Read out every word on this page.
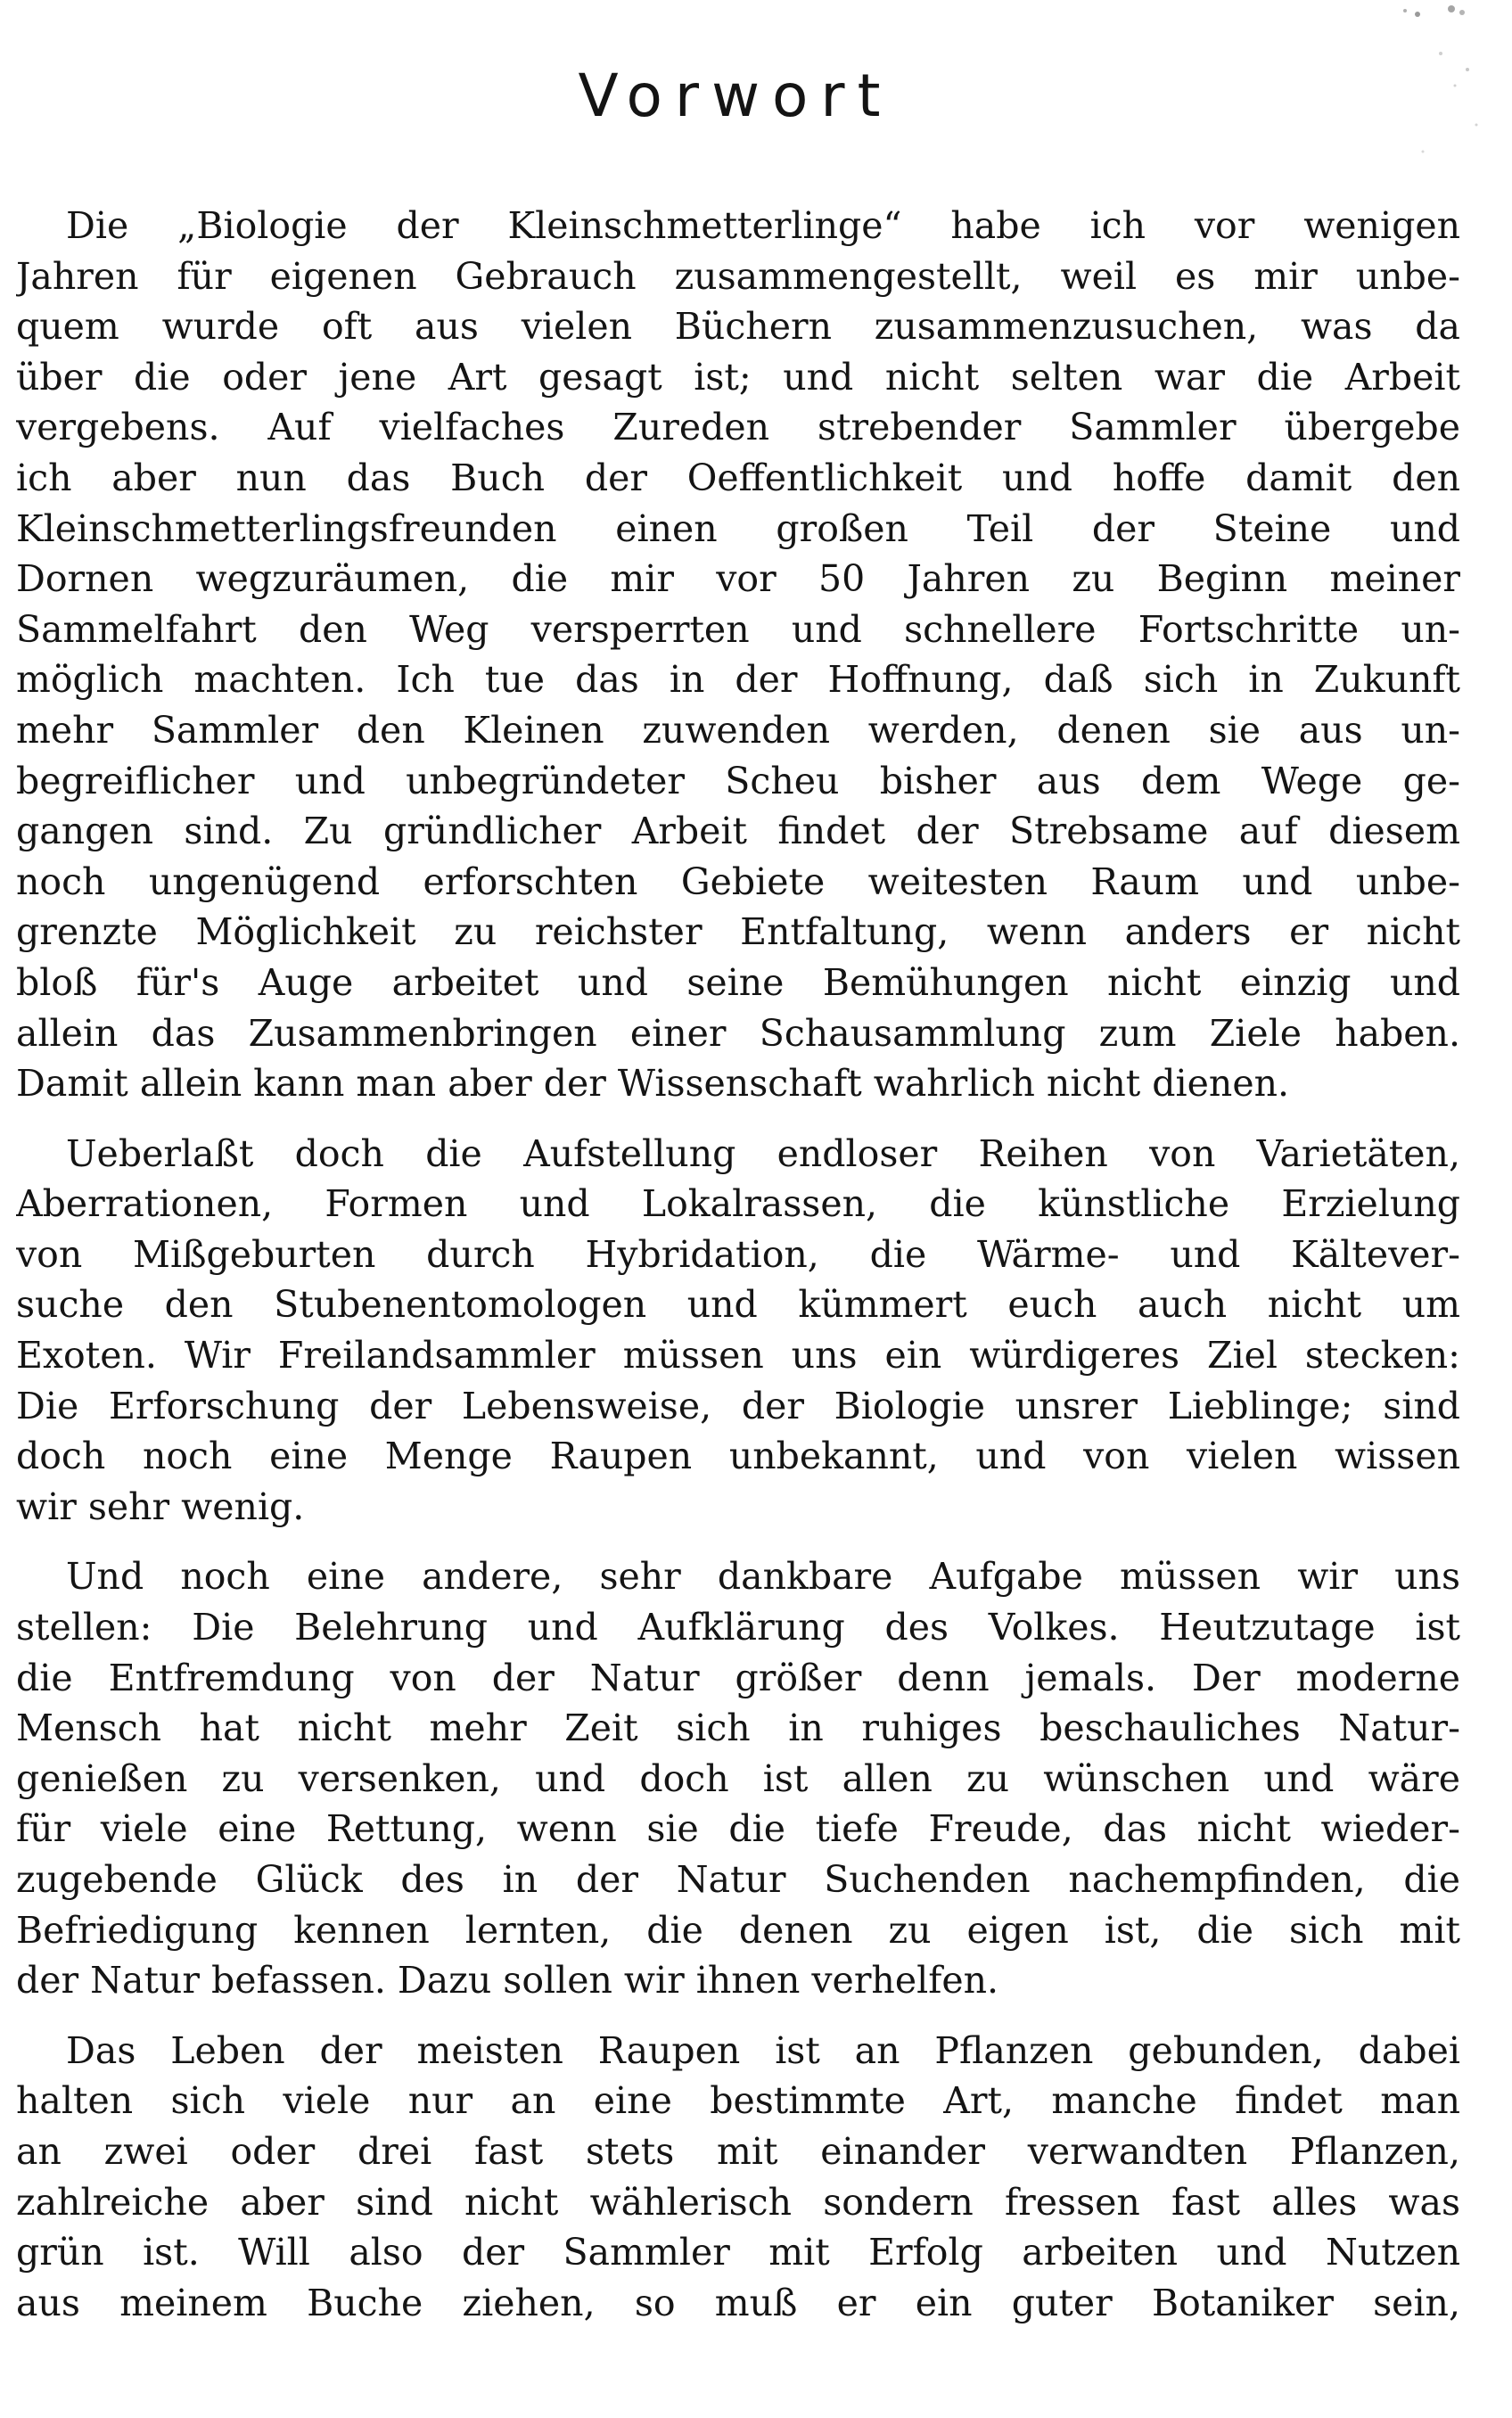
Vorwort
Die „Biologie der Kleinschmetterlinge“ habe ich vor wenigen
Jahren für eigenen Gebrauch zusammengestellt, weil es mir unbe-
quem wurde oft aus vielen Büchern zusammenzusuchen, was da
über die oder jene Art gesagt ist; und nicht selten war die Arbeit
vergebens. Auf vielfaches Zureden strebender Sammler übergebe
ich aber nun das Buch der Oeffentlichkeit und hoffe damit den
Kleinschmetterlingsfreunden einen großen Teil der Steine und
Dornen wegzuräumen, die mir vor 50 Jahren zu Beginn meiner
Sammelfahrt den Weg versperrten und schnellere Fortschritte un-
möglich machten. Ich tue das in der Hoffnung, daß sich in Zukunft
mehr Sammler den Kleinen zuwenden werden, denen sie aus un-
begreiflicher und unbegründeter Scheu bisher aus dem Wege ge-
gangen sind. Zu gründlicher Arbeit findet der Strebsame auf diesem
noch ungenügend erforschten Gebiete weitesten Raum und unbe-
grenzte Möglichkeit zu reichster Entfaltung, wenn anders er nicht
bloß für's Auge arbeitet und seine Bemühungen nicht einzig und
allein das Zusammenbringen einer Schausammlung zum Ziele haben.
Damit allein kann man aber der Wissenschaft wahrlich nicht dienen.
Ueberlaßt doch die Aufstellung endloser Reihen von Varietäten,
Aberrationen, Formen und Lokalrassen, die künstliche Erzielung
von Mißgeburten durch Hybridation, die Wärme- und Kältever-
suche den Stubenentomologen und kümmert euch auch nicht um
Exoten. Wir Freilandsammler müssen uns ein würdigeres Ziel stecken:
Die Erforschung der Lebensweise, der Biologie unsrer Lieblinge; sind
doch noch eine Menge Raupen unbekannt, und von vielen wissen
wir sehr wenig.
Und noch eine andere, sehr dankbare Aufgabe müssen wir uns
stellen: Die Belehrung und Aufklärung des Volkes. Heutzutage ist
die Entfremdung von der Natur größer denn jemals. Der moderne
Mensch hat nicht mehr Zeit sich in ruhiges beschauliches Natur-
genießen zu versenken, und doch ist allen zu wünschen und wäre
für viele eine Rettung, wenn sie die tiefe Freude, das nicht wieder-
zugebende Glück des in der Natur Suchenden nachempfinden, die
Befriedigung kennen lernten, die denen zu eigen ist, die sich mit
der Natur befassen. Dazu sollen wir ihnen verhelfen.
Das Leben der meisten Raupen ist an Pflanzen gebunden, dabei
halten sich viele nur an eine bestimmte Art, manche findet man
an zwei oder drei fast stets mit einander verwandten Pflanzen,
zahlreiche aber sind nicht wählerisch sondern fressen fast alles was
grün ist. Will also der Sammler mit Erfolg arbeiten und Nutzen
aus meinem Buche ziehen, so muß er ein guter Botaniker sein,
